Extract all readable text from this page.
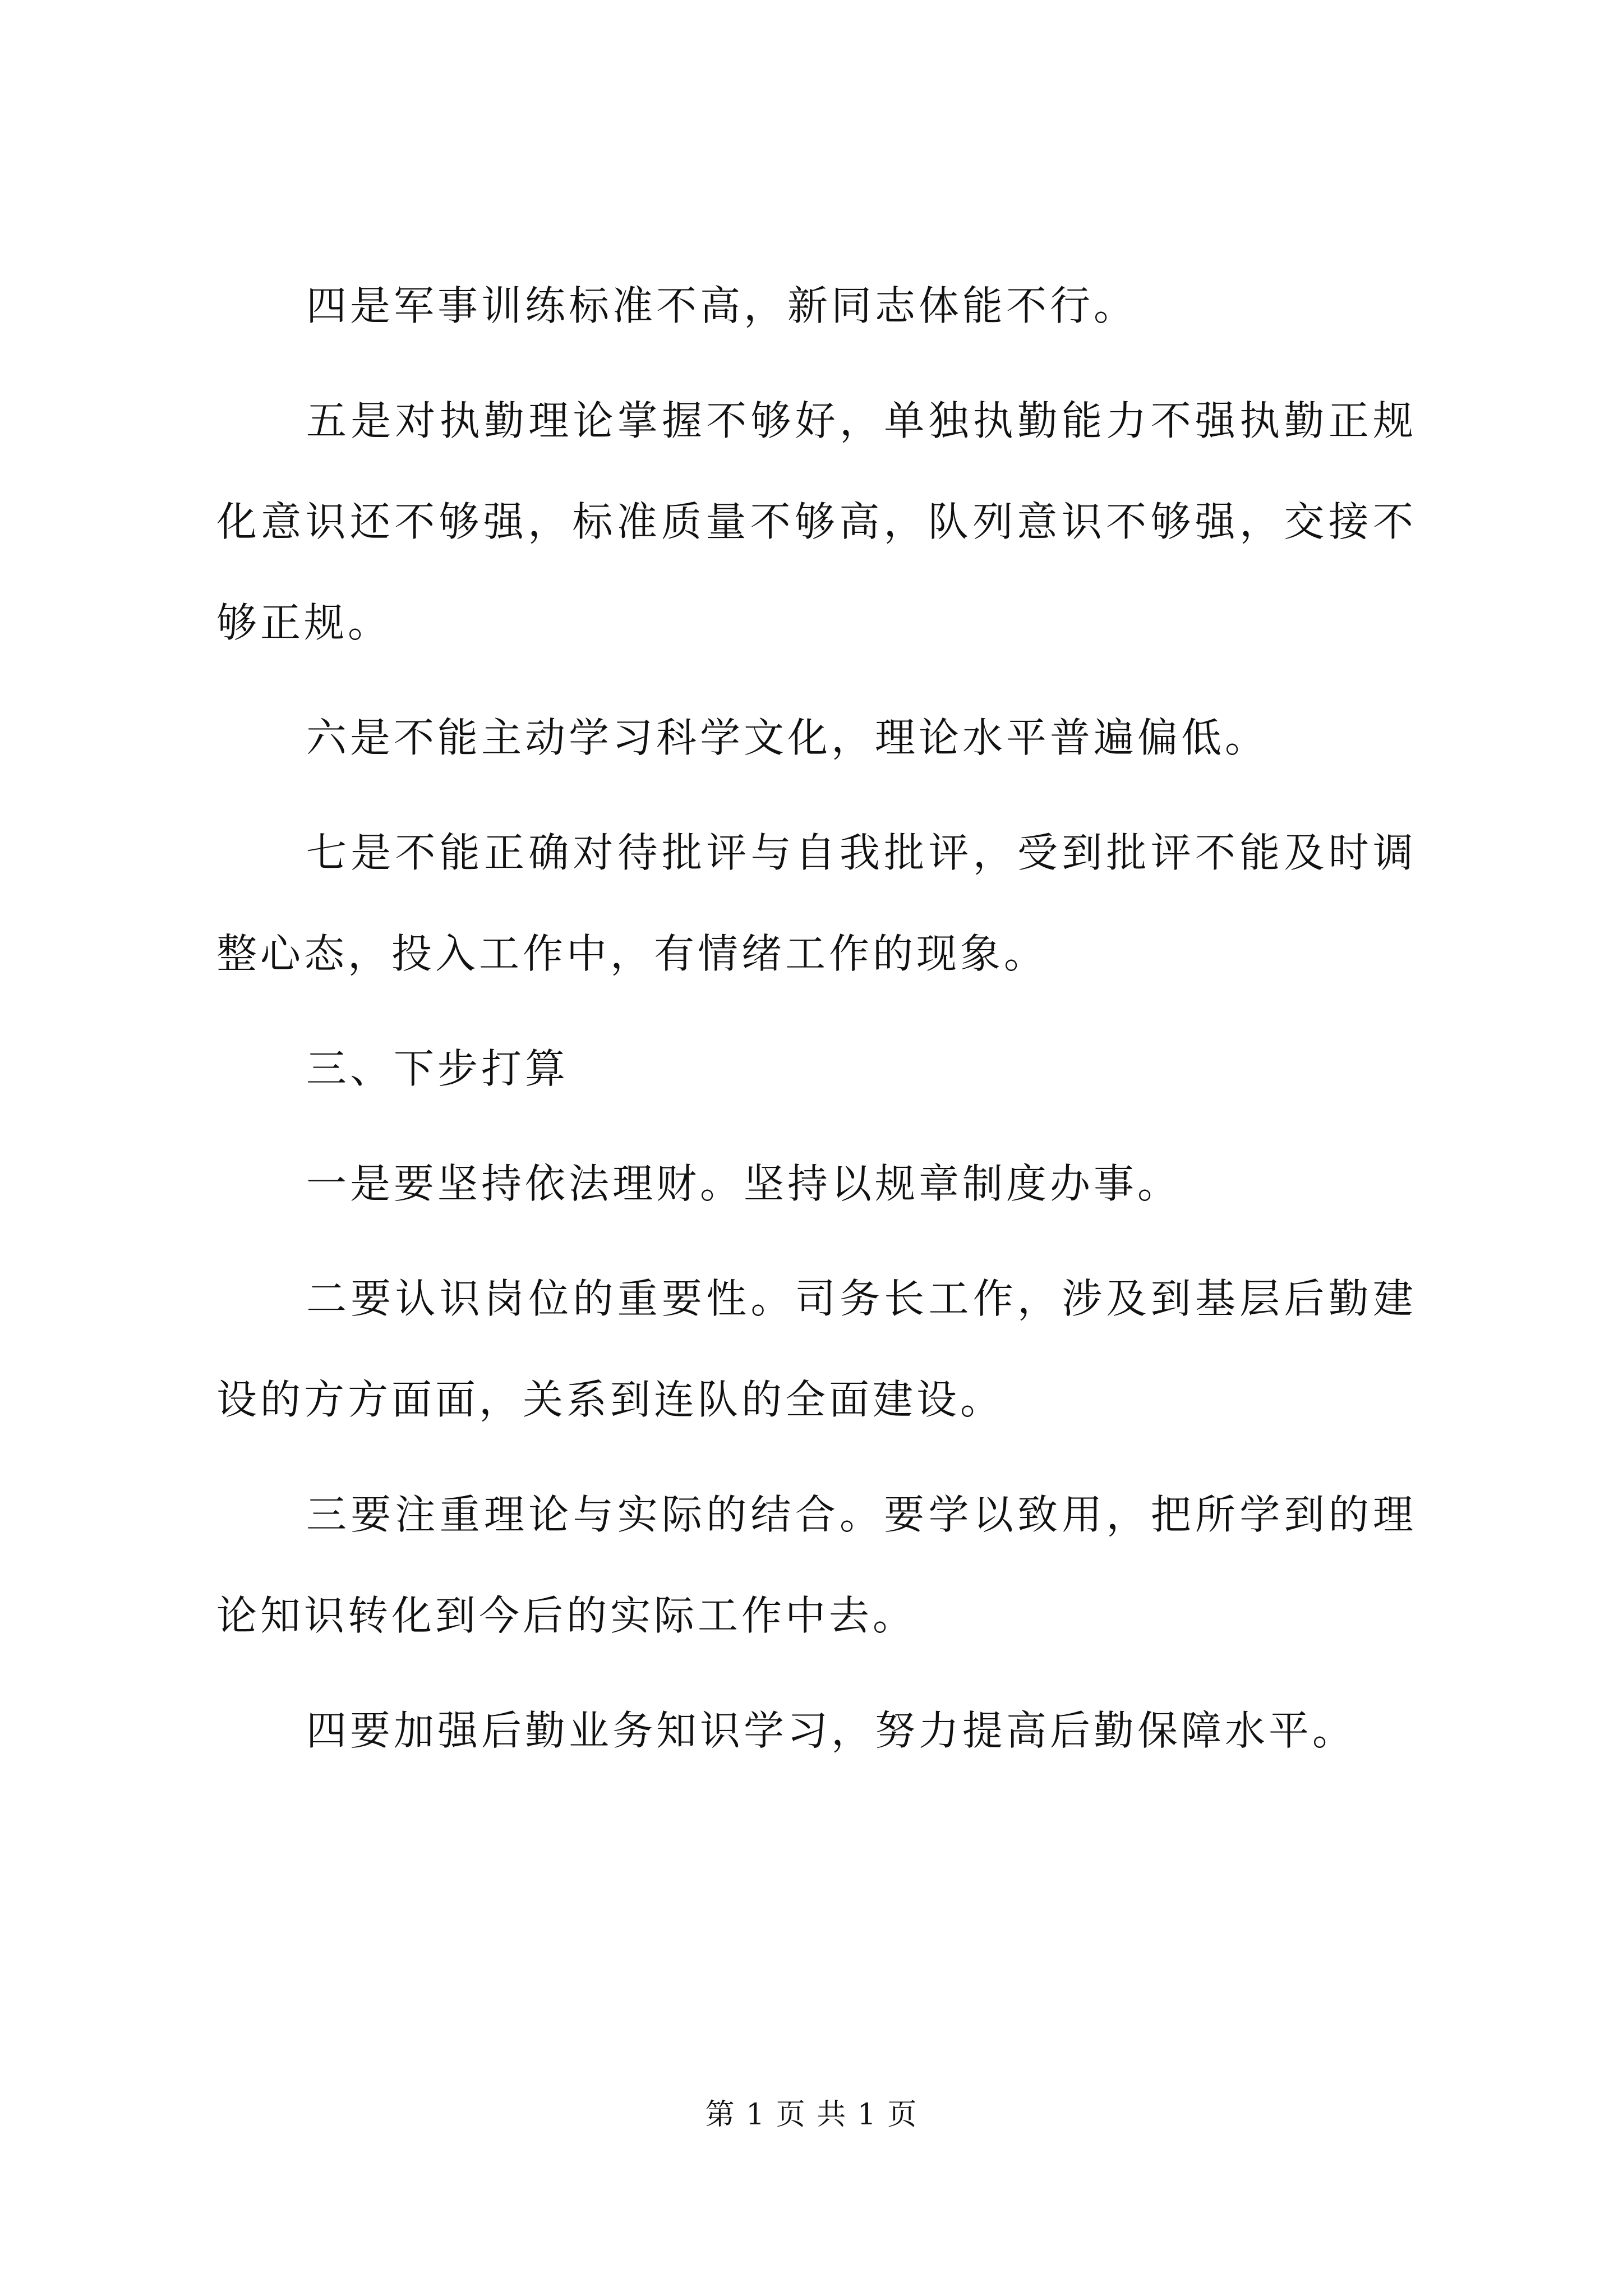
四是军事训练标准不高，新同志体能不行。

五是对执勤理论掌握不够好，单独执勤能力不强执勤正规化意识还不够强，标准质量不够高，队列意识不够强，交接不够正规。

六是不能主动学习科学文化，理论水平普遍偏低。

七是不能正确对待批评与自我批评，受到批评不能及时调整心态，投入工作中，有情绪工作的现象。

三、下步打算

一是要坚持依法理财。坚持以规章制度办事。

二要认识岗位的重要性。司务长工作，涉及到基层后勤建设的方方面面，关系到连队的全面建设。

三要注重理论与实际的结合。要学以致用，把所学到的理论知识转化到今后的实际工作中去。

四要加强后勤业务知识学习，努力提高后勤保障水平。

第 1 页 共 1 页
